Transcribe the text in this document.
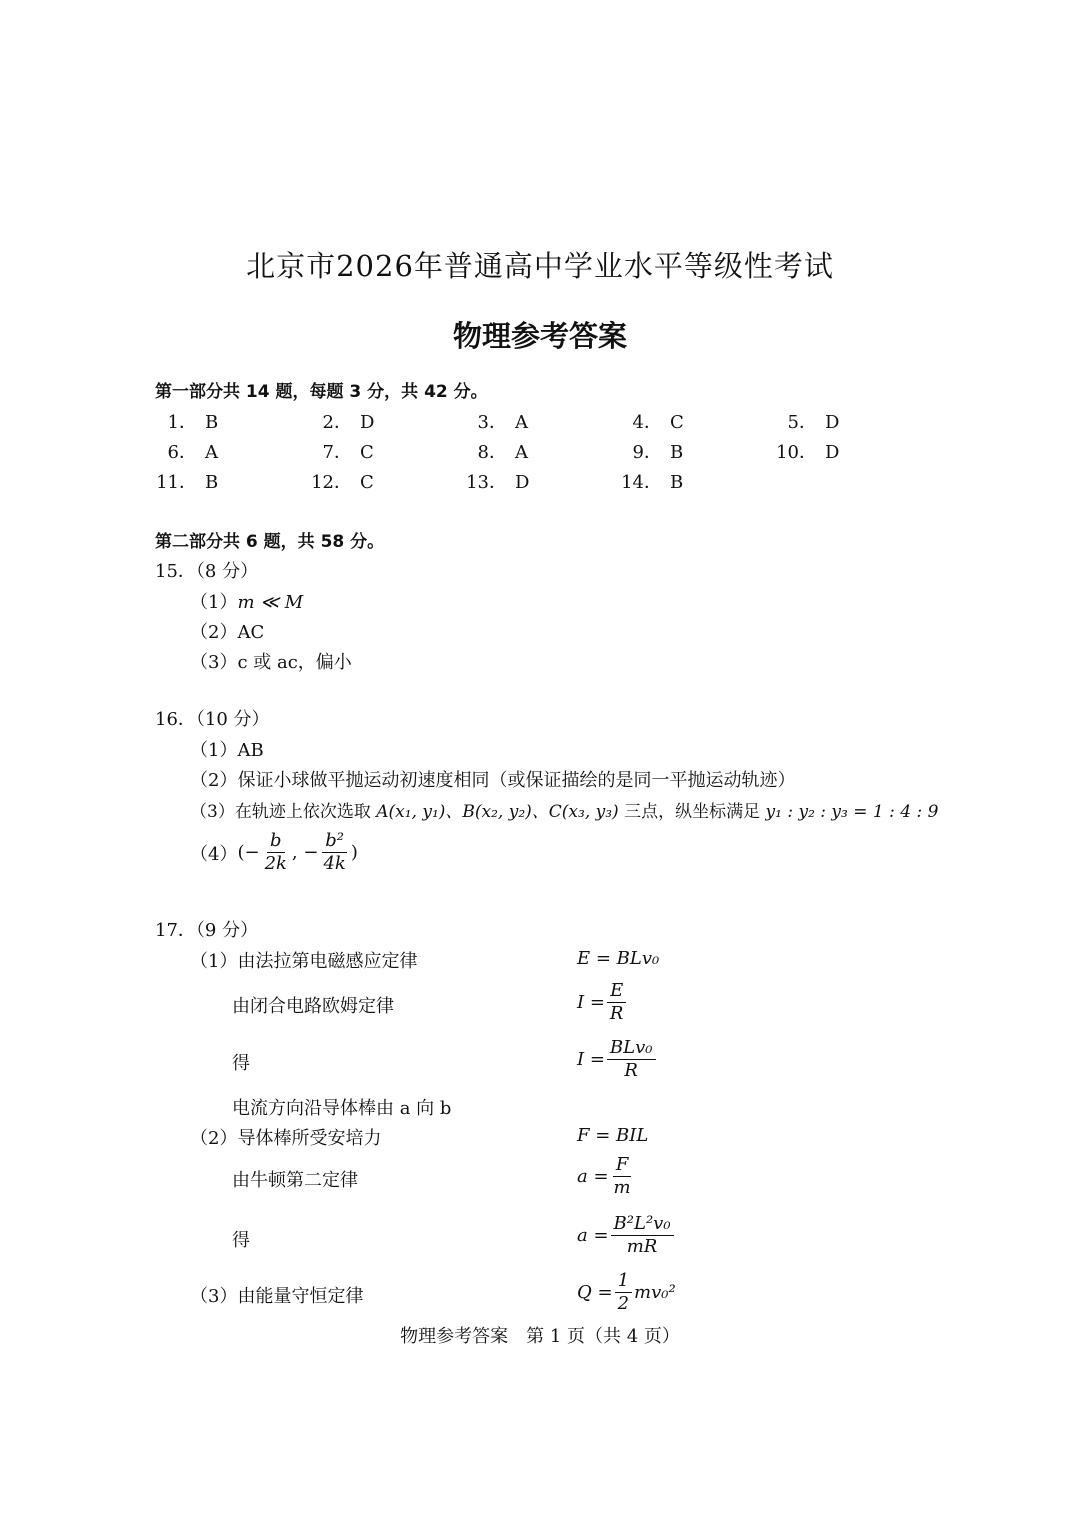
北京市2026年普通高中学业水平等级性考试
物理参考答案
第一部分共 14 题，每题 3 分，共 42 分。
1． B	2． D	3． A	4． C	5． D
6． A	7． C	8． A	9． B	10． D
11． B	12． C	13． D	14． B
第二部分共 6 题，共 58 分。
15．（8 分）
（1）m ≪ M
（2）AC
（3）c 或 ac，偏小
16．（10 分）
（1）AB
（2）保证小球做平抛运动初速度相同（或保证描绘的是同一平抛运动轨迹）
（3）在轨迹上依次选取 A(x₁, y₁)、B(x₂, y₂)、C(x₃, y₃) 三点，纵坐标满足 y₁ : y₂ : y₃ = 1 : 4 : 9
（4） (− $\frac{b}{2k}$ , − $\frac{\text{b²}}{4k}$ )
17．（9 分）
（1）由法拉第电磁感应定律	E = BLv₀
由闭合电路欧姆定律	$I = \frac{E}{R}$
得	$I = \frac{\text{BLv₀}}{R}$
电流方向沿导体棒由 a 向 b
（2）导体棒所受安培力	F = BIL
由牛顿第二定律	$a = \frac{F}{m}$
得	$a = \frac{\text{B²L²v₀}}{mR}$
（3）由能量守恒定律	$Q = \frac{1}{2} mv_0^2$
物理参考答案　第 1 页（共 4 页）
